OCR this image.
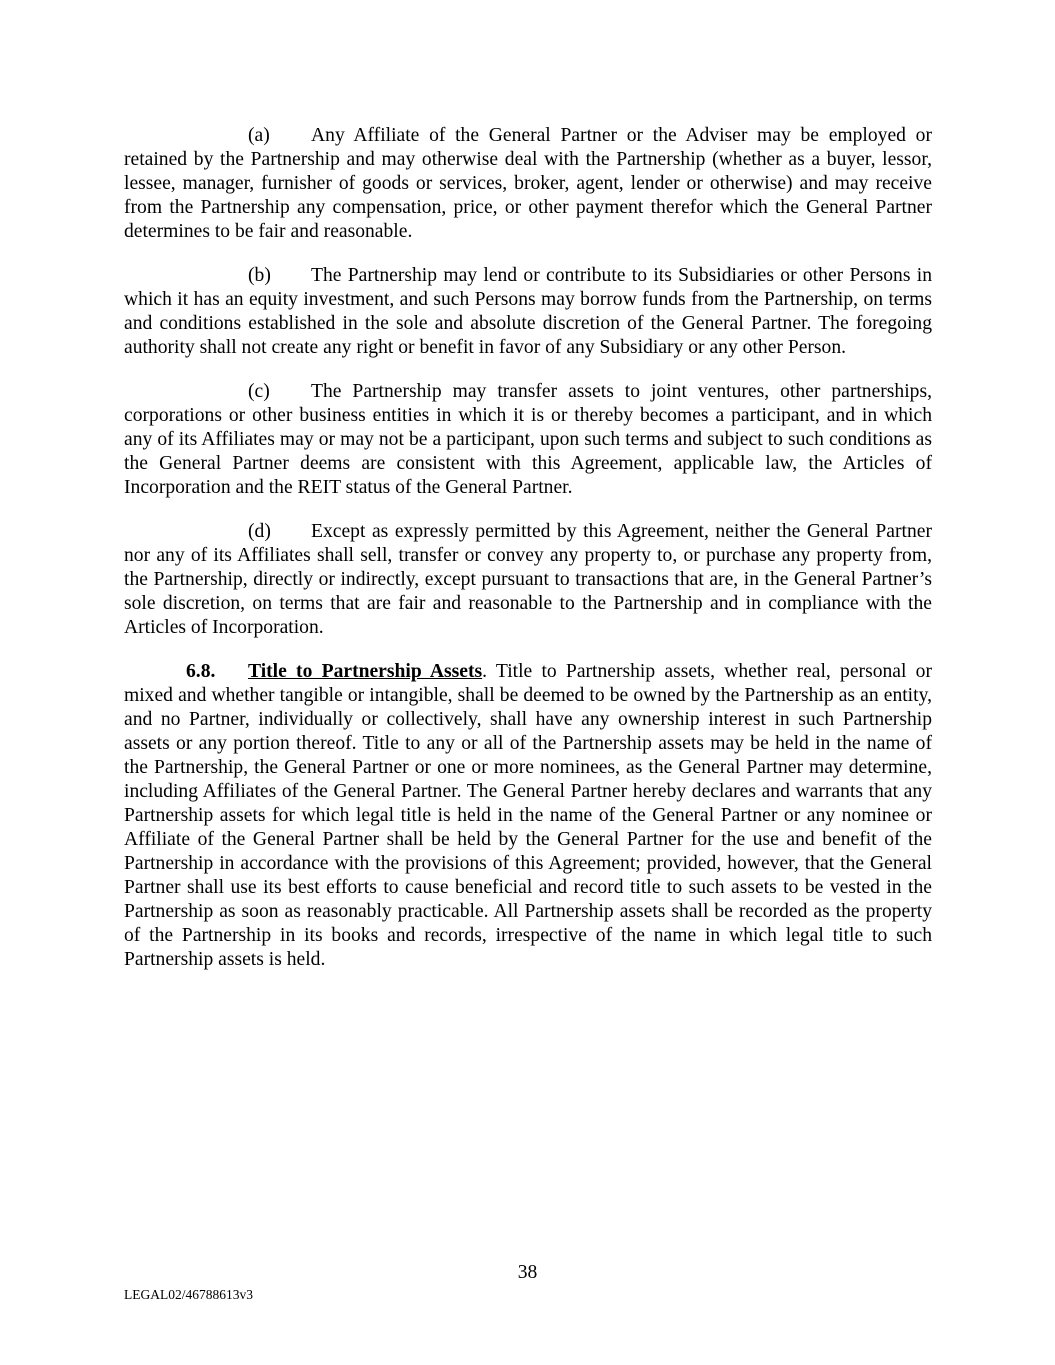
(a) Any Affiliate of the General Partner or the Adviser may be employed or retained by the Partnership and may otherwise deal with the Partnership (whether as a buyer, lessor, lessee, manager, furnisher of goods or services, broker, agent, lender or otherwise) and may receive from the Partnership any compensation, price, or other payment therefor which the General Partner determines to be fair and reasonable.

(b) The Partnership may lend or contribute to its Subsidiaries or other Persons in which it has an equity investment, and such Persons may borrow funds from the Partnership, on terms and conditions established in the sole and absolute discretion of the General Partner. The foregoing authority shall not create any right or benefit in favor of any Subsidiary or any other Person.

(c) The Partnership may transfer assets to joint ventures, other partnerships, corporations or other business entities in which it is or thereby becomes a participant, and in which any of its Affiliates may or may not be a participant, upon such terms and subject to such conditions as the General Partner deems are consistent with this Agreement, applicable law, the Articles of Incorporation and the REIT status of the General Partner.

(d) Except as expressly permitted by this Agreement, neither the General Partner nor any of its Affiliates shall sell, transfer or convey any property to, or purchase any property from, the Partnership, directly or indirectly, except pursuant to transactions that are, in the General Partner’s sole discretion, on terms that are fair and reasonable to the Partnership and in compliance with the Articles of Incorporation.

6.8. Title to Partnership Assets. Title to Partnership assets, whether real, personal or mixed and whether tangible or intangible, shall be deemed to be owned by the Partnership as an entity, and no Partner, individually or collectively, shall have any ownership interest in such Partnership assets or any portion thereof. Title to any or all of the Partnership assets may be held in the name of the Partnership, the General Partner or one or more nominees, as the General Partner may determine, including Affiliates of the General Partner. The General Partner hereby declares and warrants that any Partnership assets for which legal title is held in the name of the General Partner or any nominee or Affiliate of the General Partner shall be held by the General Partner for the use and benefit of the Partnership in accordance with the provisions of this Agreement; provided, however, that the General Partner shall use its best efforts to cause beneficial and record title to such assets to be vested in the Partnership as soon as reasonably practicable. All Partnership assets shall be recorded as the property of the Partnership in its books and records, irrespective of the name in which legal title to such Partnership assets is held.

38
LEGAL02/46788613v3
